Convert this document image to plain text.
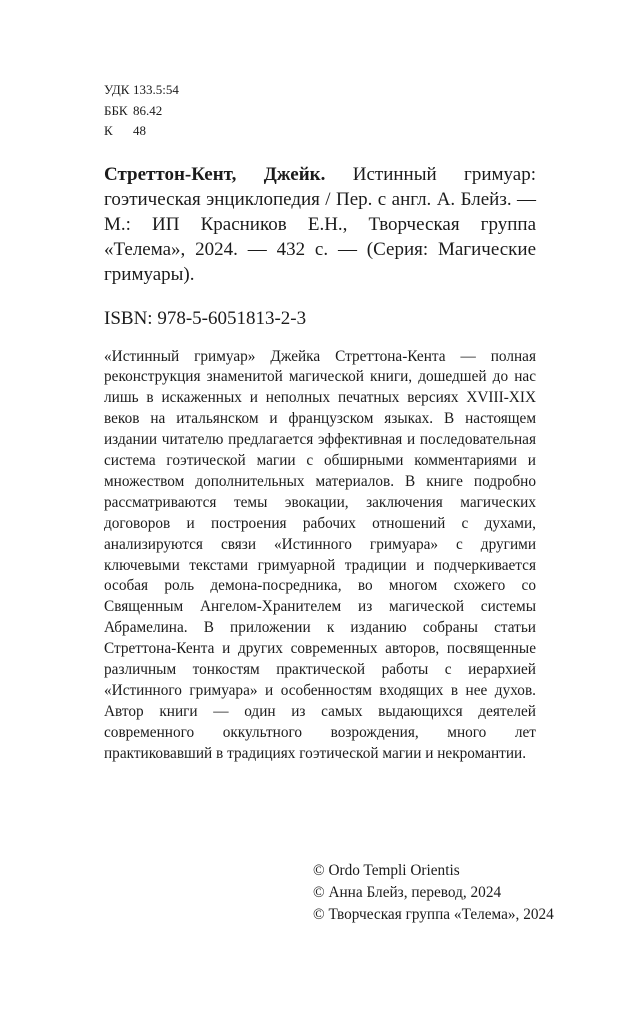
УДК 133.5:54
ББК 86.42
К	48

Стреттон-Кент, Джейк. Истинный гримуар: гоэтическая энциклопедия / Пер. с англ. А. Блейз. — М.: ИП Красников Е.Н., Творческая группа «Телема», 2024. — 432 с. — (Серия: Магические гримуары).

ISBN: 978-5-6051813-2-3

«Истинный гримуар» Джейка Стреттона-Кента — полная реконструкция знаменитой магической книги, дошедшей до нас лишь в искаженных и неполных печатных версиях XVIII-XIX веков на итальянском и французском языках. В настоящем издании читателю предлагается эффективная и последовательная система гоэтической магии с обширными комментариями и множеством дополнительных материалов. В книге подробно рассматриваются темы эвокации, заключения магических договоров и построения рабочих отношений с духами, анализируются связи «Истинного гримуара» с другими ключевыми текстами гримуарной традиции и подчеркивается особая роль демона-посредника, во многом схожего со Священным Ангелом-Хранителем из магической системы Абрамелина. В приложении к изданию собраны статьи Стреттона-Кента и других современных авторов, посвященные различным тонкостям практической работы с иерархией «Истинного гримуара» и особенностям входящих в нее духов. Автор книги — один из самых выдающихся деятелей современного оккультного возрождения, много лет практиковавший в традициях гоэтической магии и некромантии.

© Ordo Templi Orientis
© Анна Блейз, перевод, 2024
© Творческая группа «Телема», 2024
